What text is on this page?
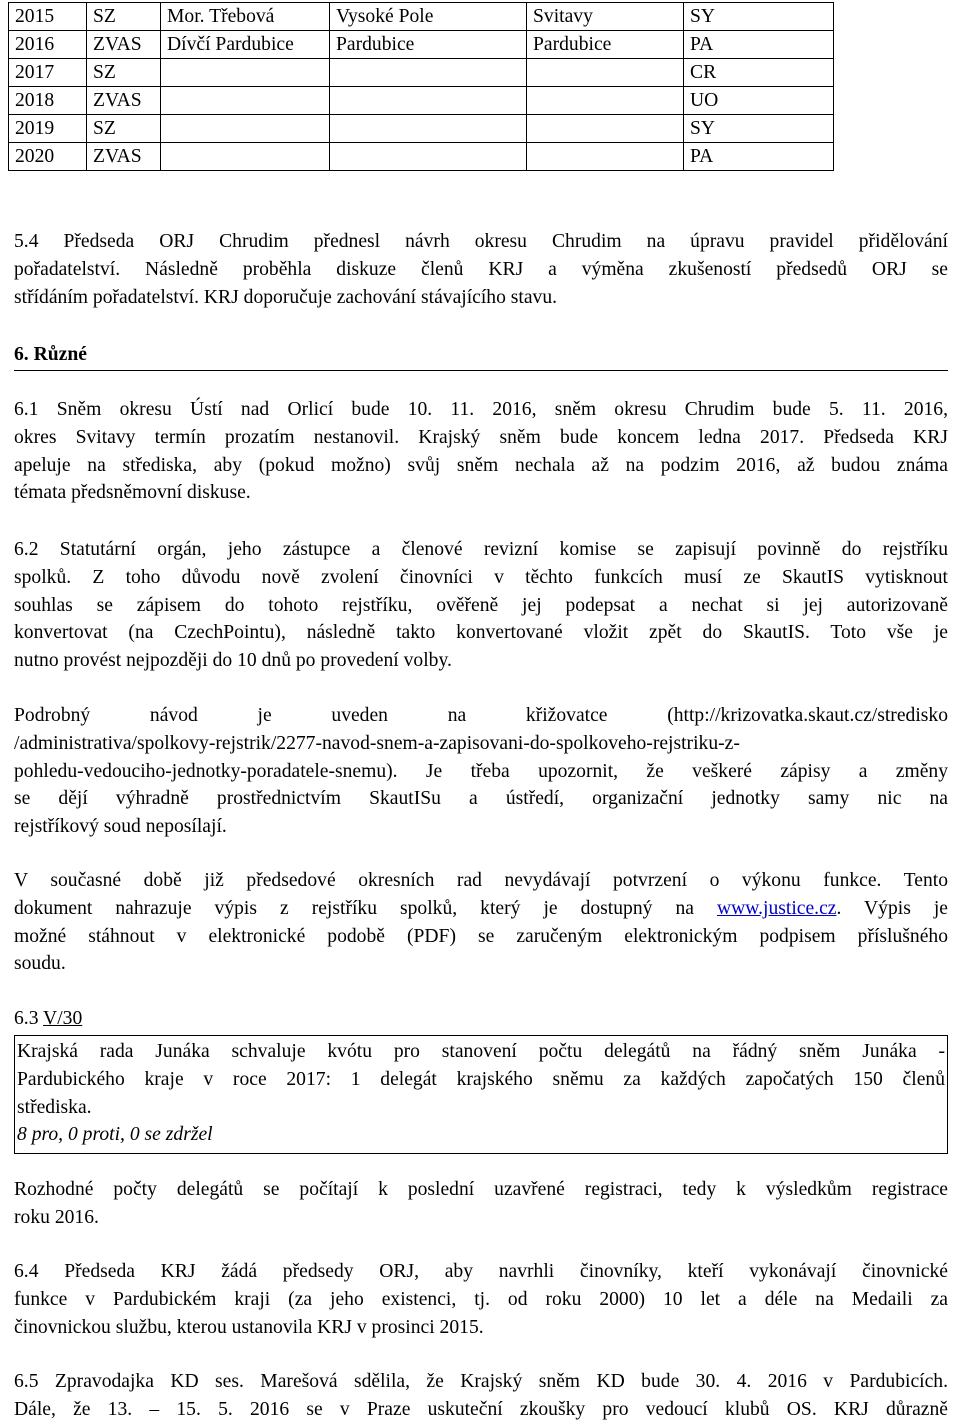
2015	SZ	Mor. Třebová	Vysoké Pole	Svitavy	SY
2016	ZVAS	Dívčí Pardubice	Pardubice	Pardubice	PA
2017	SZ				CR
2018	ZVAS				UO
2019	SZ				SY
2020	ZVAS				PA
5.4 Předseda ORJ Chrudim přednesl návrh okresu Chrudim na úpravu pravidel přidělování
pořadatelství. Následně proběhla diskuze členů KRJ a výměna zkušeností předsedů ORJ se
střídáním pořadatelství. KRJ doporučuje zachování stávajícího stavu.
6. Různé
6.1 Sněm okresu Ústí nad Orlicí bude 10. 11. 2016, sněm okresu Chrudim bude 5. 11. 2016,
okres Svitavy termín prozatím nestanovil. Krajský sněm bude koncem ledna 2017. Předseda KRJ
apeluje na střediska, aby (pokud možno) svůj sněm nechala až na podzim 2016, až budou známa
témata předsněmovní diskuse.
6.2 Statutární orgán, jeho zástupce a členové revizní komise se zapisují povinně do rejstříku
spolků. Z toho důvodu nově zvolení činovníci v těchto funkcích musí ze SkautIS vytisknout
souhlas se zápisem do tohoto rejstříku, ověřeně jej podepsat a nechat si jej autorizovaně
konvertovat (na CzechPointu), následně takto konvertované vložit zpět do SkautIS. Toto vše je
nutno provést nejpozději do 10 dnů po provedení volby.
Podrobný návod je uveden na křižovatce (http://krizovatka.skaut.cz/stredisko
/administrativa/spolkovy-rejstrik/2277-navod-snem-a-zapisovani-do-spolkoveho-rejstriku-z-
pohledu-vedouciho-jednotky-poradatele-snemu). Je třeba upozornit, že veškeré zápisy a změny
se dějí výhradně prostřednictvím SkautISu a ústředí, organizační jednotky samy nic na
rejstříkový soud neposílají.
V současné době již předsedové okresních rad nevydávají potvrzení o výkonu funkce. Tento
dokument nahrazuje výpis z rejstříku spolků, který je dostupný na www.justice.cz. Výpis je
možné stáhnout v elektronické podobě (PDF) se zaručeným elektronickým podpisem příslušného
soudu.
6.3 V/30
Krajská rada Junáka schvaluje kvótu pro stanovení počtu delegátů na řádný sněm Junáka -
Pardubického kraje v roce 2017: 1 delegát krajského sněmu za každých započatých 150 členů
střediska.
8 pro, 0 proti, 0 se zdržel
Rozhodné počty delegátů se počítají k poslední uzavřené registraci, tedy k výsledkům registrace
roku 2016.
6.4 Předseda KRJ žádá předsedy ORJ, aby navrhli činovníky, kteří vykonávají činovnické
funkce v Pardubickém kraji (za jeho existenci, tj. od roku 2000) 10 let a déle na Medaili za
činovnickou službu, kterou ustanovila KRJ v prosinci 2015.
6.5 Zpravodajka KD ses. Marešová sdělila, že Krajský sněm KD bude 30. 4. 2016 v Pardubicích.
Dále, že 13. – 15. 5. 2016 se v Praze uskuteční zkoušky pro vedoucí klubů OS. KRJ důrazně
